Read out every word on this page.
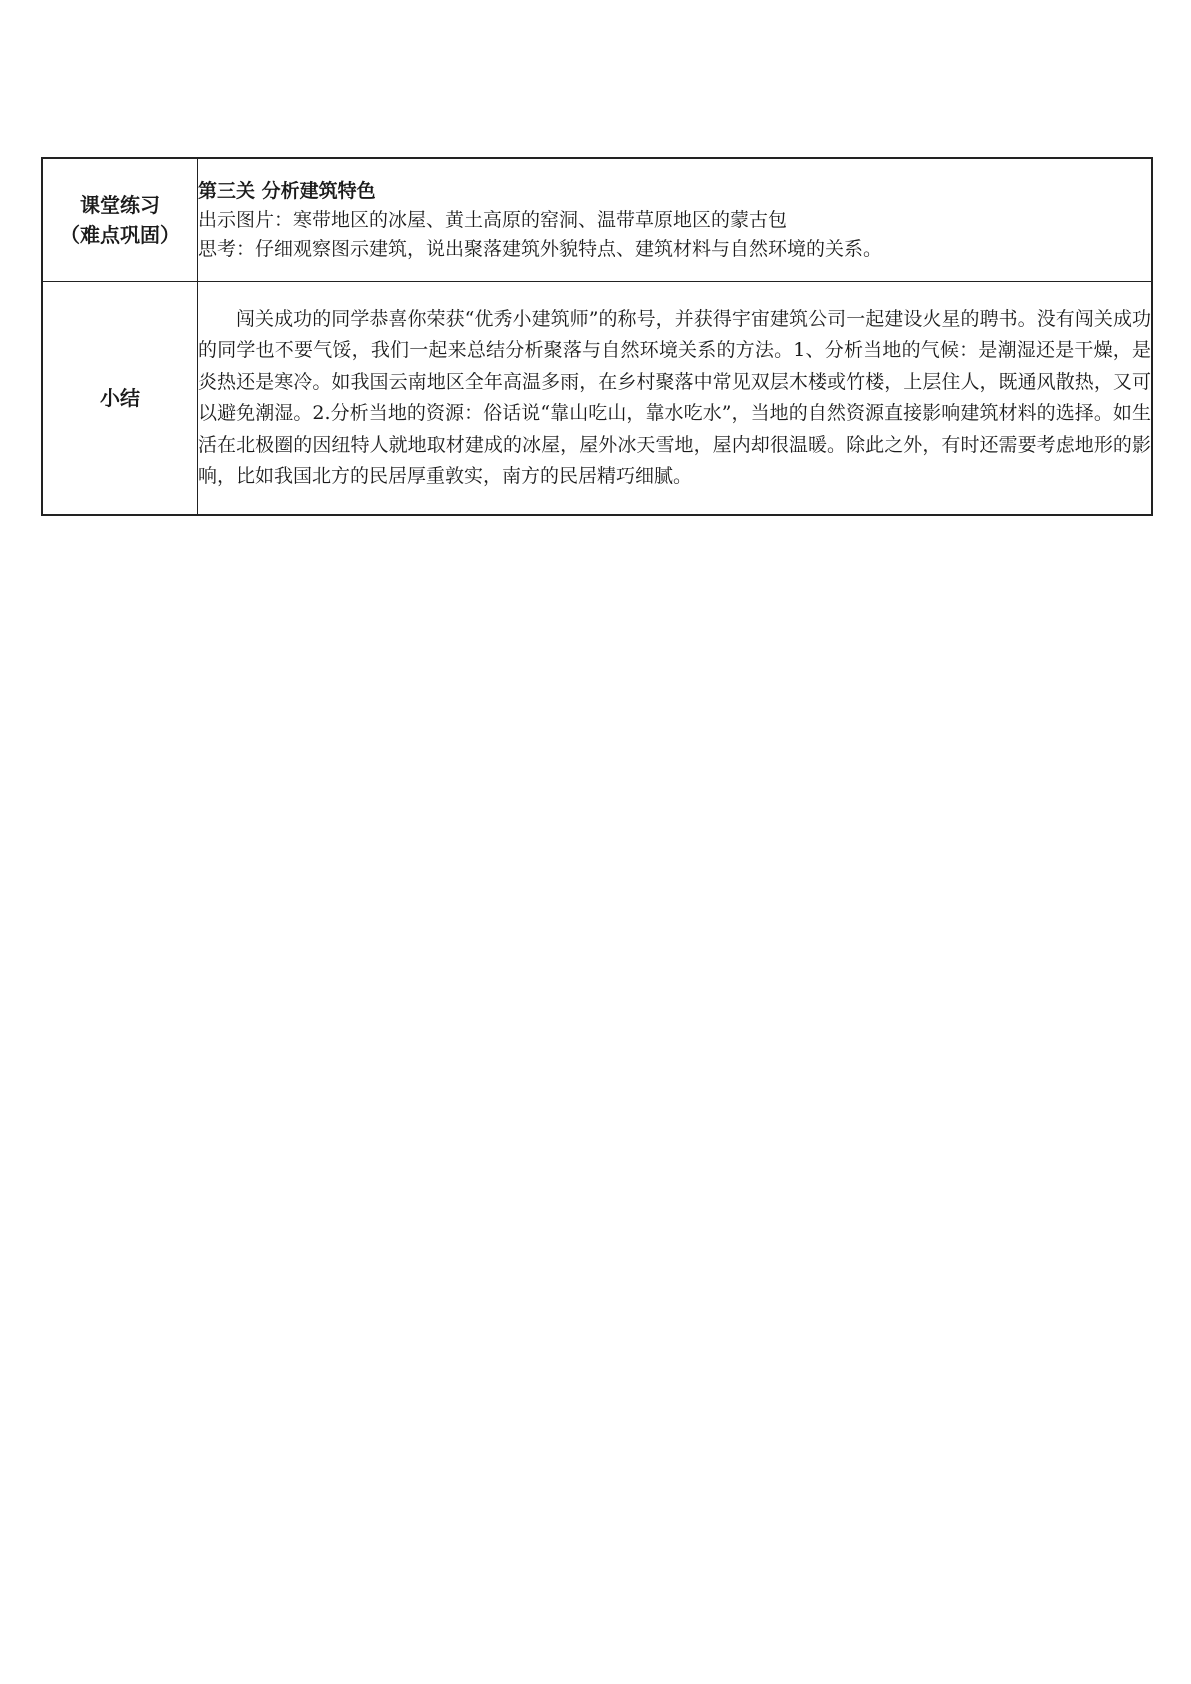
课堂练习
（难点巩固）	第三关 分析建筑特色
出示图片：寒带地区的冰屋、黄土高原的窑洞、温带草原地区的蒙古包
思考：仔细观察图示建筑，说出聚落建筑外貌特点、建筑材料与自然环境的关系。

小结	闯关成功的同学恭喜你荣获“优秀小建筑师”的称号，并获得宇宙建筑公司一起建设火星的聘书。没有闯关成功的同学也不要气馁，我们一起来总结分析聚落与自然环境关系的方法。1、分析当地的气候：是潮湿还是干燥，是炎热还是寒冷。如我国云南地区全年高温多雨，在乡村聚落中常见双层木楼或竹楼，上层住人，既通风散热，又可以避免潮湿。2.分析当地的资源：俗话说“靠山吃山，靠水吃水”，当地的自然资源直接影响建筑材料的选择。如生活在北极圈的因纽特人就地取材建成的冰屋，屋外冰天雪地，屋内却很温暖。除此之外，有时还需要考虑地形的影响，比如我国北方的民居厚重敦实，南方的民居精巧细腻。
